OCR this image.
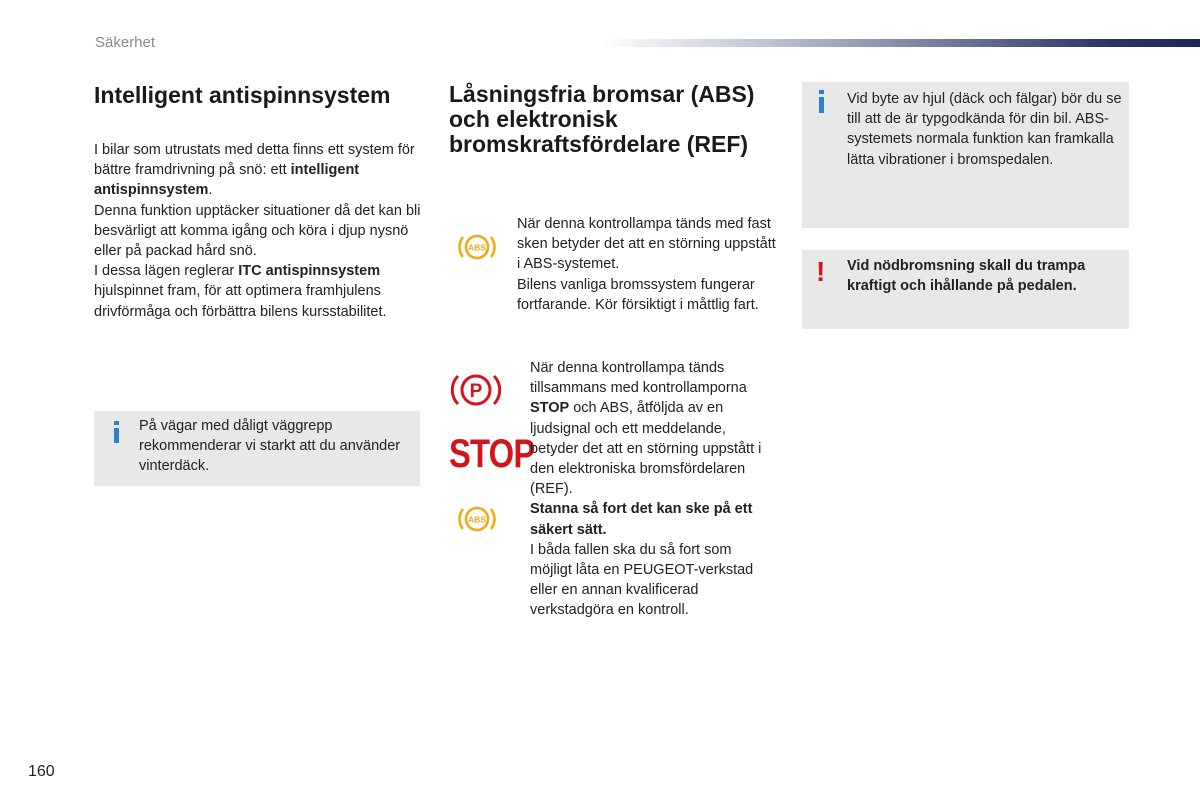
Säkerhet
Intelligent antispinnsystem

I bilar som utrustats med detta finns ett system för bättre framdrivning på snö: ett intelligent antispinnsystem.

Denna funktion upptäcker situationer då det kan bli besvärligt att komma igång och köra i djup nysnö eller på packad hård snö.

I dessa lägen reglerar ITC antispinnsystem hjulspinnet fram, för att optimera framhjulens drivförmåga och förbättra bilens kursstabilitet.

På vägar med dåligt väggrepp rekommenderar vi starkt att du använder vinterdäck.
Låsningsfria bromsar (ABS) och elektronisk bromskraftsfördelare (REF)
ABS

När denna kontrollampa tänds med fast sken betyder det att en störning uppstått i ABS-systemet.

Bilens vanliga bromssystem fungerar fortfarande. Kör försiktigt i måttlig fart.

P
STOP
ABS

När denna kontrollampa tänds tillsammans med kontrollamporna STOP och ABS, åtföljda av en ljudsignal och ett meddelande, betyder det att en störning uppstått i den elektroniska bromsfördelaren (REF).

Stanna så fort det kan ske på ett säkert sätt.

I båda fallen ska du så fort som möjligt låta en PEUGEOT-verkstad eller en annan kvalificerad verkstadgöra en kontroll.

Vid byte av hjul (däck och fälgar) bör du se till att de är typgodkända för din bil. ABS-systemets normala funktion kan framkalla lätta vibrationer i bromspedalen.
! Vid nödbromsning skall du trampa kraftigt och ihållande på pedalen.
160
